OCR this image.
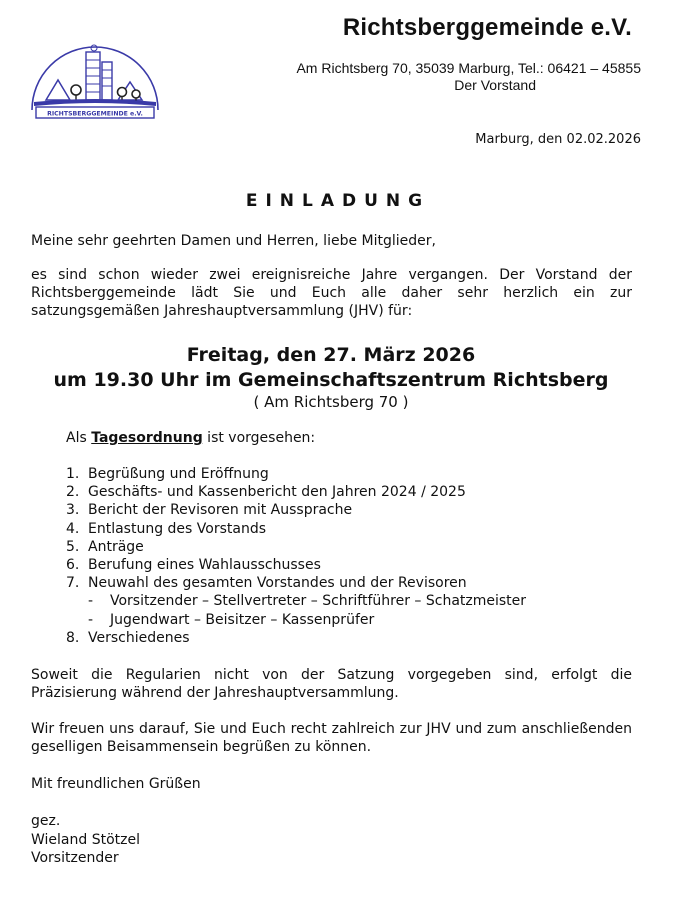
RICHTSBERGGEMEINDE e.V.
Richtsberggemeinde e.V.
Am Richtsberg 70, 35039 Marburg, Tel.: 06421 – 45855
Der Vorstand
Marburg, den 02.02.2026
EINLADUNG
Meine sehr geehrten Damen und Herren, liebe Mitglieder,
es sind schon wieder zwei ereignisreiche Jahre vergangen. Der Vorstand der Richtsberggemeinde lädt Sie und Euch alle daher sehr herzlich ein zur satzungsgemäßen Jahreshauptversammlung (JHV) für:
Freitag, den 27. März 2026
um 19.30 Uhr im Gemeinschaftszentrum Richtsberg
( Am Richtsberg 70 )
Als Tagesordnung ist vorgesehen:
1. Begrüßung und Eröffnung
2. Geschäfts- und Kassenbericht den Jahren 2024 / 2025
3. Bericht der Revisoren mit Aussprache
4. Entlastung des Vorstands
5. Anträge
6. Berufung eines Wahlausschusses
7. Neuwahl des gesamten Vorstandes und der Revisoren
-	Vorsitzender – Stellvertreter – Schriftführer – Schatzmeister
-	Jugendwart – Beisitzer – Kassenprüfer
8. Verschiedenes
Soweit die Regularien nicht von der Satzung vorgegeben sind, erfolgt die Präzisierung während der Jahreshauptversammlung.
Wir freuen uns darauf, Sie und Euch recht zahlreich zur JHV und zum anschließenden geselligen Beisammensein begrüßen zu können.
Mit freundlichen Grüßen
gez.
Wieland Stötzel
Vorsitzender
